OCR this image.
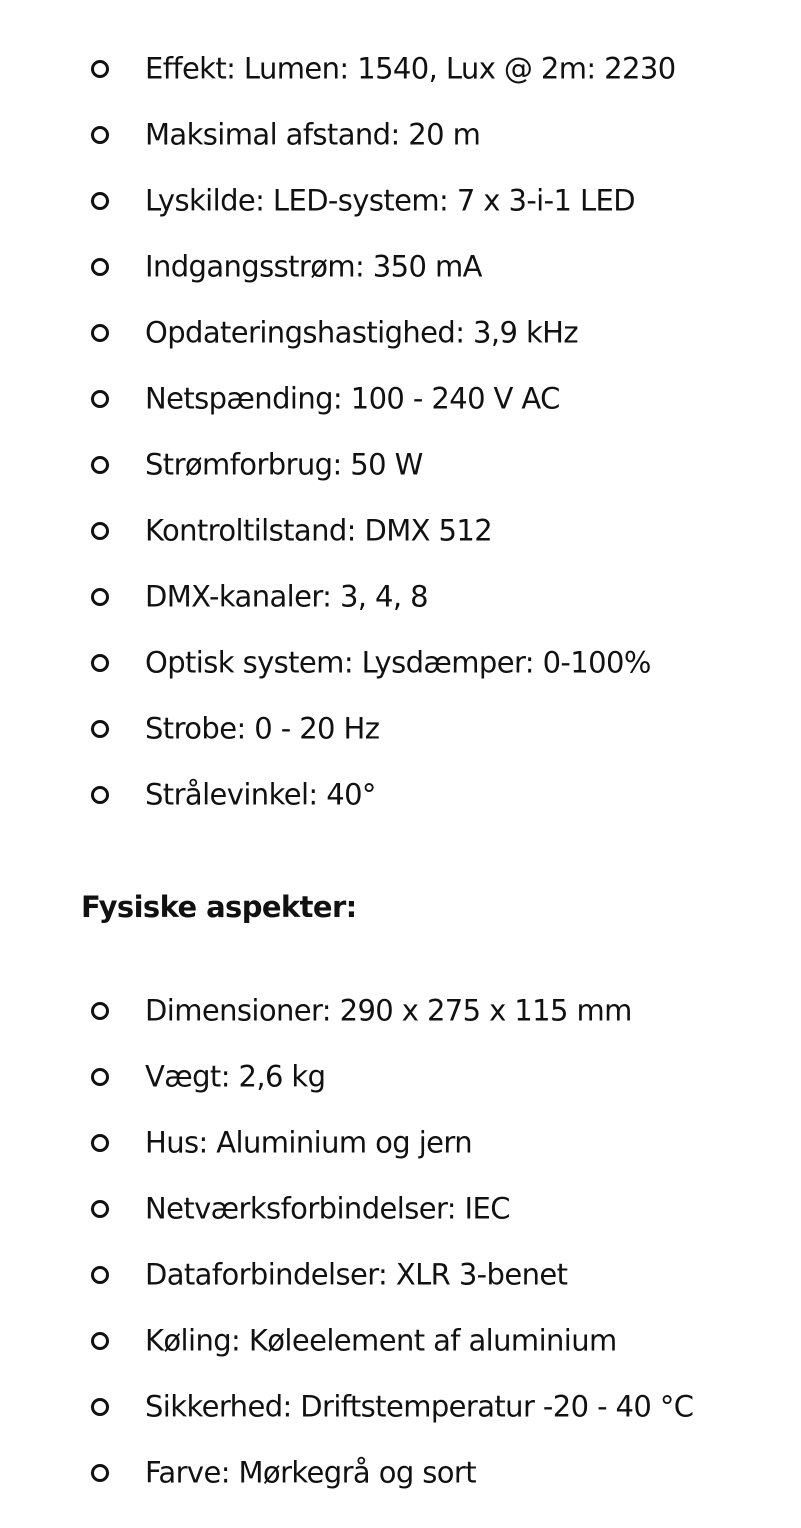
Effekt: Lumen: 1540, Lux @ 2m: 2230
Maksimal afstand: 20 m
Lyskilde: LED-system: 7 x 3-i-1 LED
Indgangsstrøm: 350 mA
Opdateringshastighed: 3,9 kHz
Netspænding: 100 - 240 V AC
Strømforbrug: 50 W
Kontroltilstand: DMX 512
DMX-kanaler: 3, 4, 8
Optisk system: Lysdæmper: 0-100%
Strobe: 0 - 20 Hz
Strålevinkel: 40°
Fysiske aspekter:
Dimensioner: 290 x 275 x 115 mm
Vægt: 2,6 kg
Hus: Aluminium og jern
Netværksforbindelser: IEC
Dataforbindelser: XLR 3-benet
Køling: Køleelement af aluminium
Sikkerhed: Driftstemperatur -20 - 40 °C
Farve: Mørkegrå og sort
